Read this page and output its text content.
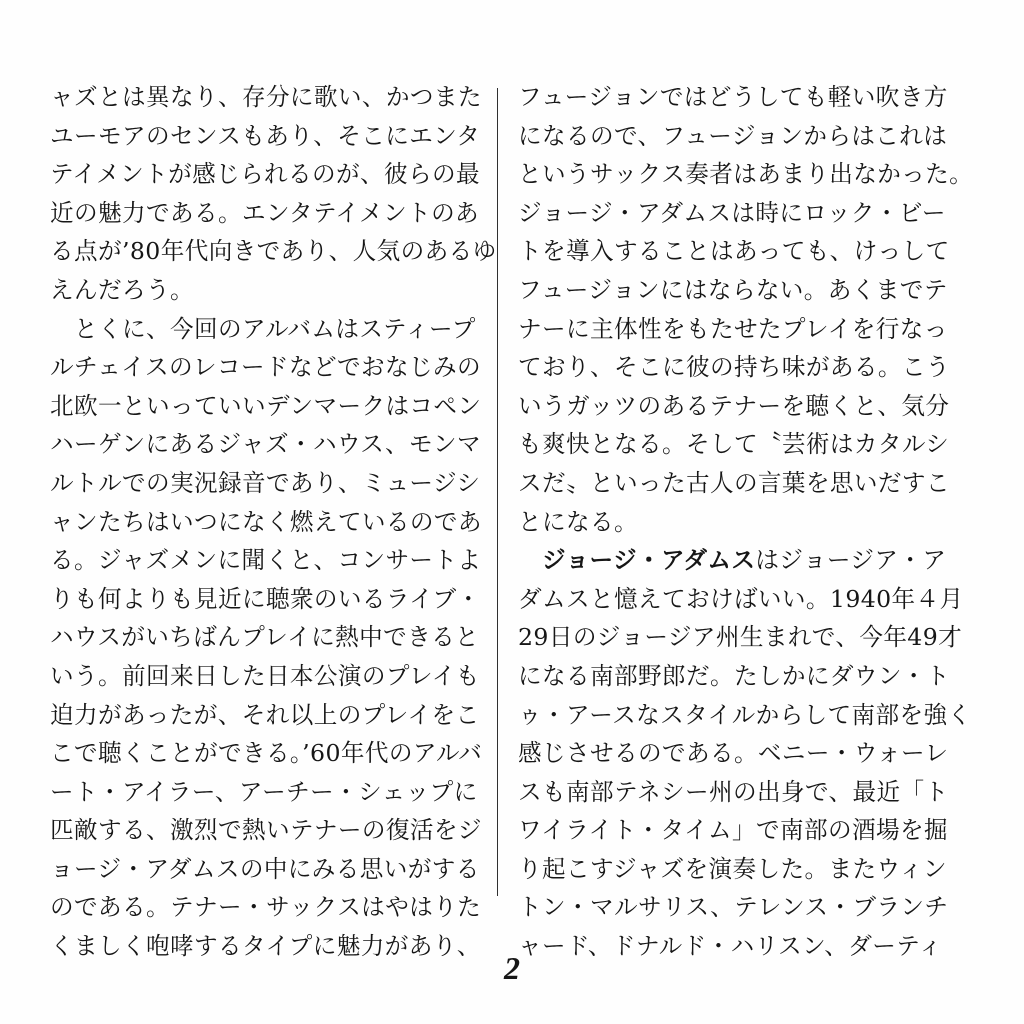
ャズとは異なり、存分に歌い、かつまた
ユーモアのセンスもあり、そこにエンタ
テイメントが感じられるのが、彼らの最
近の魅力である。エンタテイメントのあ
る点が’80年代向きであり、人気のあるゆ
えんだろう。
　とくに、今回のアルバムはスティープ
ルチェイスのレコードなどでおなじみの
北欧一といっていいデンマークはコペン
ハーゲンにあるジャズ・ハウス、モンマ
ルトルでの実況録音であり、ミュージシ
ャンたちはいつになく燃えているのであ
る。ジャズメンに聞くと、コンサートよ
りも何よりも見近に聴衆のいるライブ・
ハウスがいちばんプレイに熱中できると
いう。前回来日した日本公演のプレイも
迫力があったが、それ以上のプレイをこ
こで聴くことができる。’60年代のアルバ
ート・アイラー、アーチー・シェップに
匹敵する、激烈で熱いテナーの復活をジ
ョージ・アダムスの中にみる思いがする
のである。テナー・サックスはやはりた
くましく咆哮するタイプに魅力があり、
フュージョンではどうしても軽い吹き方
になるので、フュージョンからはこれは
というサックス奏者はあまり出なかった。
ジョージ・アダムスは時にロック・ビー
トを導入することはあっても、けっして
フュージョンにはならない。あくまでテ
ナーに主体性をもたせたプレイを行なっ
ており、そこに彼の持ち味がある。こう
いうガッツのあるテナーを聴くと、気分
も爽快となる。そして〝芸術はカタルシ
スだ〟といった古人の言葉を思いだすこ
とになる。
　ジョージ・アダムスはジョージア・ア
ダムスと憶えておけばいい。1940年４月
29日のジョージア州生まれで、今年49才
になる南部野郎だ。たしかにダウン・ト
ゥ・アースなスタイルからして南部を強く
感じさせるのである。ベニー・ウォーレ
スも南部テネシー州の出身で、最近「ト
ワイライト・タイム」で南部の酒場を掘
り起こすジャズを演奏した。またウィン
トン・マルサリス、テレンス・ブランチ
ャード、ドナルド・ハリスン、ダーティ
2
